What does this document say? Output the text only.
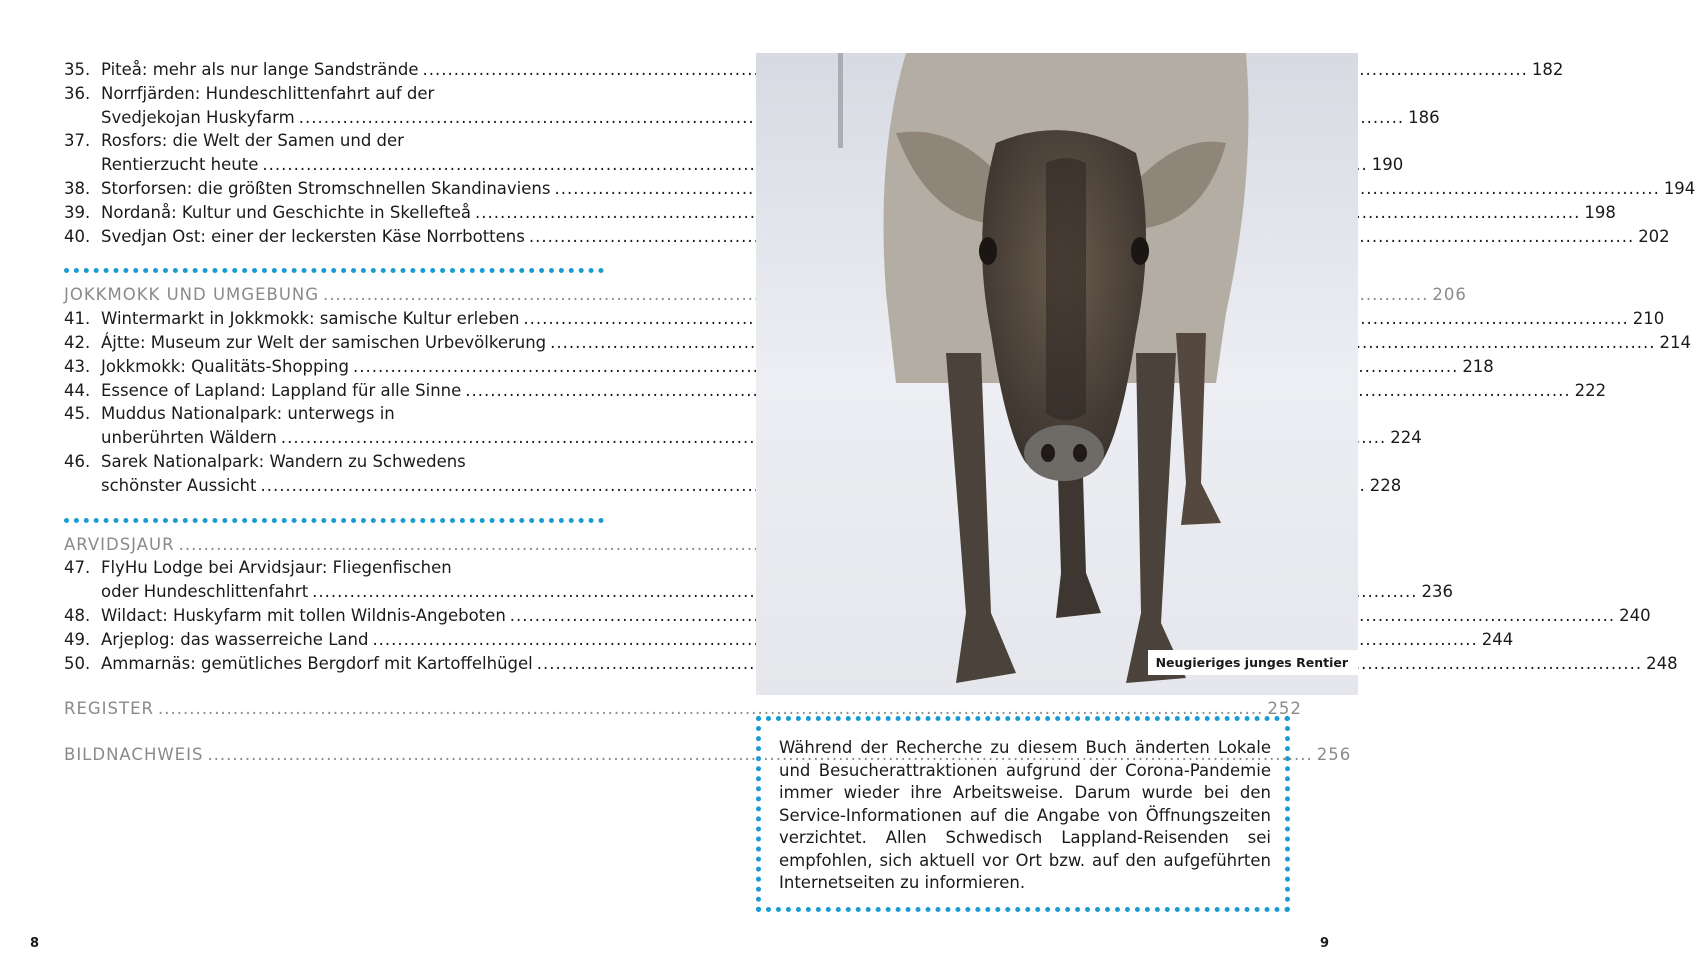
35. Piteå: mehr als nur lange Sandstrände .....	182
36. Norrfjärden: Hundeschlittenfahrt auf der
Svedjekojan Huskyfarm .....	186
37. Rosfors: die Welt der Samen und der
Rentierzucht heute .....	190
38. Storforsen: die größten Stromschnellen Skandinaviens .....	194
39. Nordanå: Kultur und Geschichte in Skellefteå .....	198
40. Svedjan Ost: einer der leckersten Käse Norrbottens .....	202
JOKKMOKK UND UMGEBUNG .....	206
41. Wintermarkt in Jokkmokk: samische Kultur erleben .....	210
42. Ájtte: Museum zur Welt der samischen Urbevölkerung .....	214
43. Jokkmokk: Qualitäts-Shopping .....	218
44. Essence of Lapland: Lappland für alle Sinne .....	222
45. Muddus Nationalpark: unterwegs in
unberührten Wäldern .....	224
46. Sarek Nationalpark: Wandern zu Schwedens
schönster Aussicht .....	228
ARVIDSJAUR
.....
47. FlyHu Lodge bei Arvidsjaur: Fliegenfischen
oder Hundeschlittenfahrt .....	236
48. Wildact: Huskyfarm mit tollen Wildnis-Angeboten .....	240
49. Arjeplog: das wasserreiche Land .....	244
50. Ammarnäs: gemütliches Bergdorf mit Kartoffelhügel .....	248
REGISTER .....	252
BILDNACHWEIS .....	256
Neugieriges junges Rentier
Während der Recherche zu diesem Buch änderten Lokale und Besucherattraktionen aufgrund der Corona-Pandemie immer wieder ihre Arbeitsweise. Darum wurde bei den Service-Informationen auf die Angabe von Öffnungszeiten verzichtet. Allen Schwedisch Lappland-Reisenden sei empfohlen, sich aktuell vor Ort bzw. auf den aufgeführten Internetseiten zu informieren.
8	9
